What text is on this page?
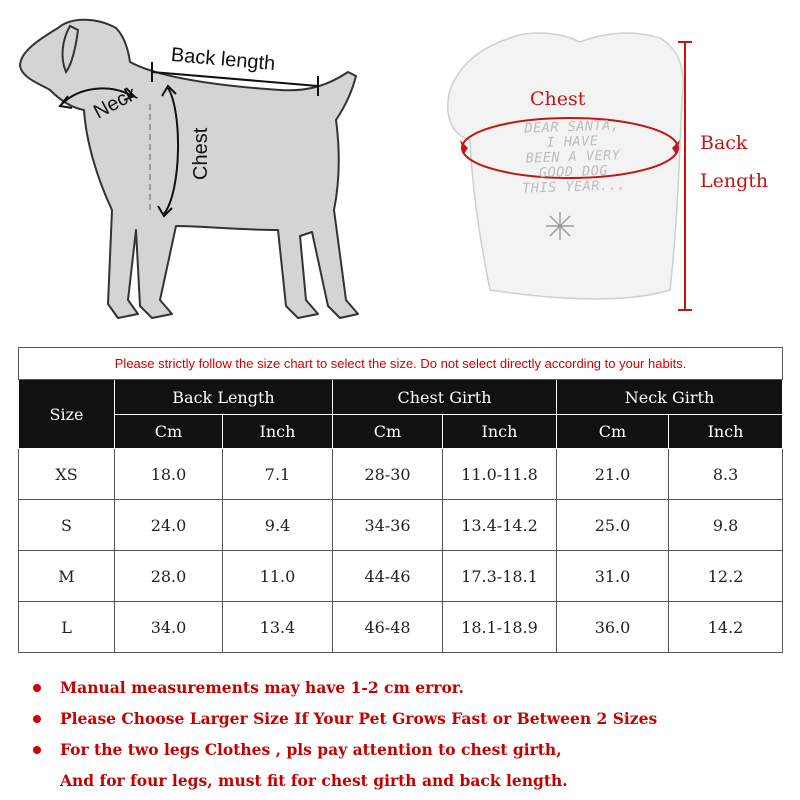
Back length
Neck
Chest
DEAR SANTA,
I HAVE
BEEN A VERY
GOOD DOG
THIS YEAR...
Chest
Back
Length
Please strictly follow the size chart to select the size. Do not select directly according to your habits.						
Size	Back Length		Chest Girth		Neck Girth	
	Cm	Inch	Cm	Inch	Cm	Inch
XS	18.0	7.1	28-30	11.0-11.8	21.0	8.3
S	24.0	9.4	34-36	13.4-14.2	25.0	9.8
M	28.0	11.0	44-46	17.3-18.1	31.0	12.2
L	34.0	13.4	46-48	18.1-18.9	36.0	14.2
Manual measurements may have 1-2 cm error.
Please Choose Larger Size If Your Pet Grows Fast or Between 2 Sizes
For the two legs Clothes , pls pay attention to chest girth,
And for four legs, must fit for chest girth and back length.
